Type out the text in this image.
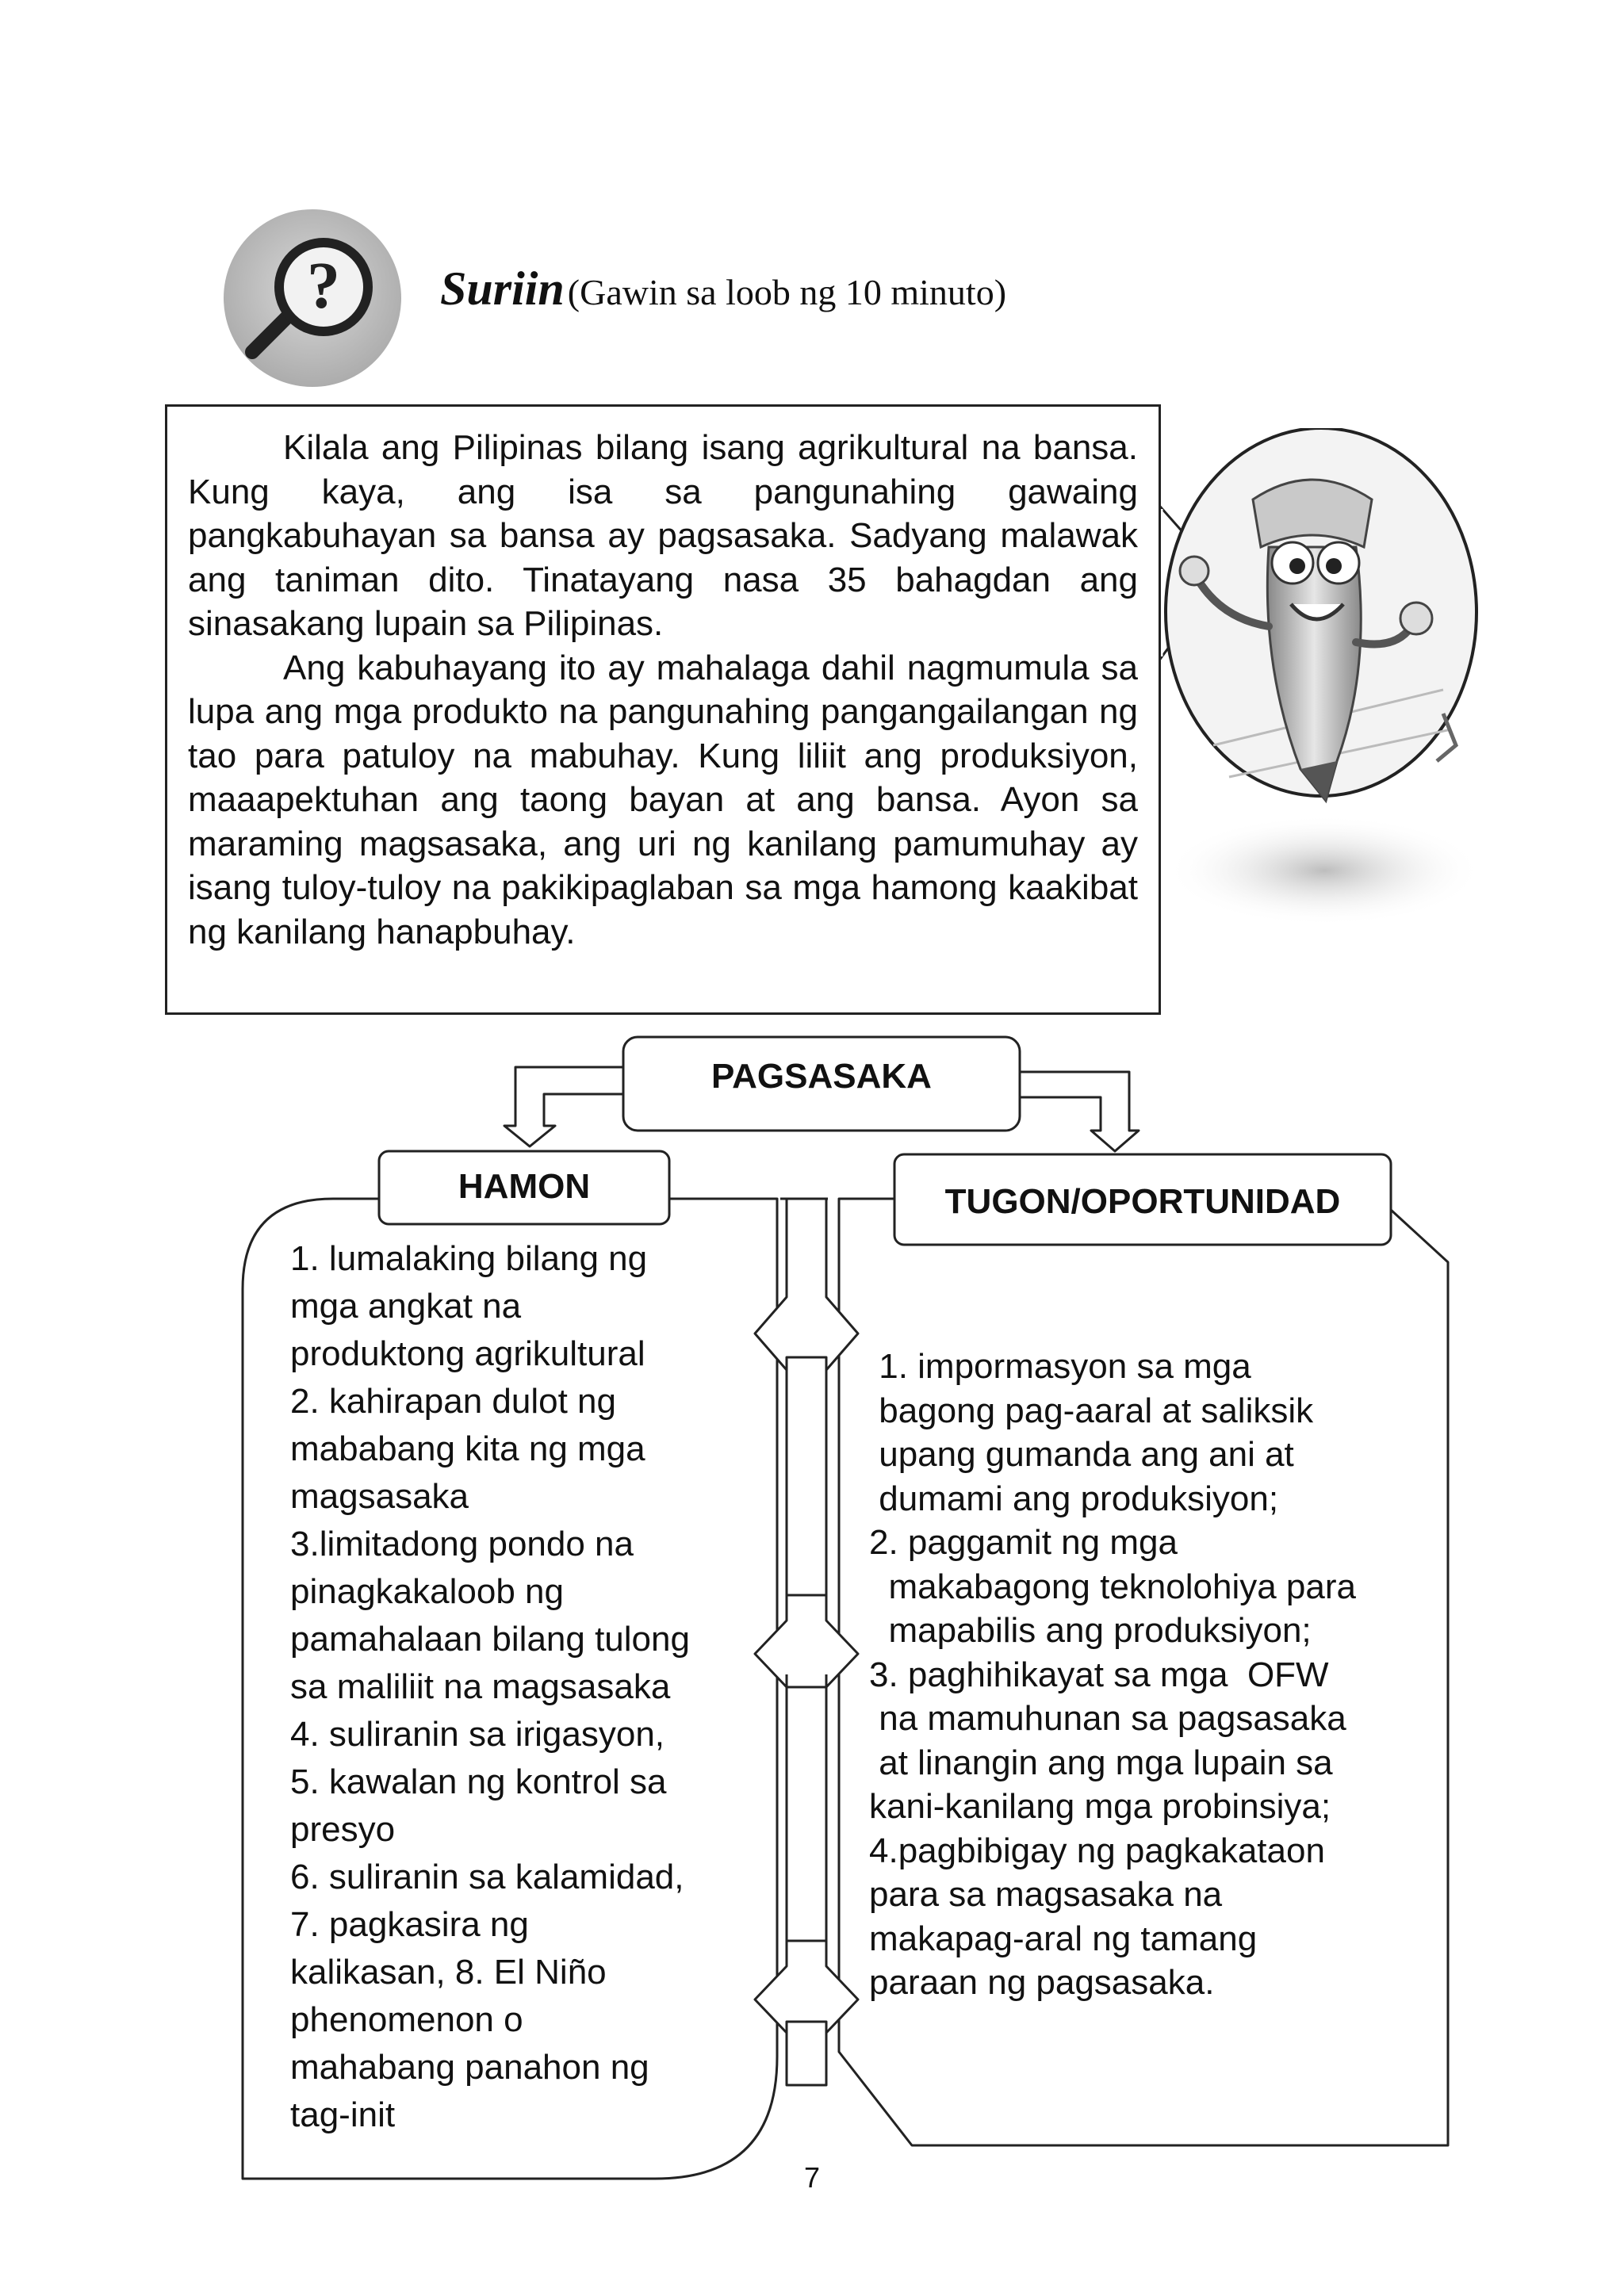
? Suriin (Gawin sa loob ng 10 minuto)

Kilala ang Pilipinas bilang isang agrikultural na bansa. Kung kaya, ang isa sa pangunahing gawaing pangkabuhayan sa bansa ay pagsasaka. Sadyang malawak ang taniman dito. Tinatayang nasa 35 bahagdan ang sinasakang lupain sa Pilipinas.

Ang kabuhayang ito ay mahalaga dahil nagmumula sa lupa ang mga produkto na pangunahing pangangailangan ng tao para patuloy na mabuhay. Kung liliit ang produksiyon, maaapektuhan ang taong bayan at ang bansa. Ayon sa maraming magsasaka, ang uri ng kanilang pamumuhay ay isang tuloy-tuloy na pakikipaglaban sa mga hamong kaakibat ng kanilang hanapbuhay.

PAGSASAKA
HAMON	TUGON/OPORTUNIDAD
1. lumalaking bilang ng
mga angkat na
produktong agrikultural
2. kahirapan dulot ng
mababang kita ng mga
magsasaka
3.limitadong pondo na
pinagkakaloob ng
pamahalaan bilang tulong
sa maliliit na magsasaka
4. suliranin sa irigasyon,
5. kawalan ng kontrol sa
presyo
6. suliranin sa kalamidad,
7. pagkasira ng
kalikasan, 8. El Niño
phenomenon o
mahabang panahon ng
tag-init
1. impormasyon sa mga
bagong pag-aaral at saliksik
upang gumanda ang ani at
dumami ang produksiyon;
2. paggamit ng mga
makabagong teknolohiya para
mapabilis ang produksiyon;
3. paghihikayat sa mga  OFW
na mamuhunan sa pagsasaka
at linangin ang mga lupain sa
kani-kanilang mga probinsiya;
4.pagbibigay ng pagkakataon
para sa magsasaka na
makapag-aral ng tamang
paraan ng pagsasaka.
7
